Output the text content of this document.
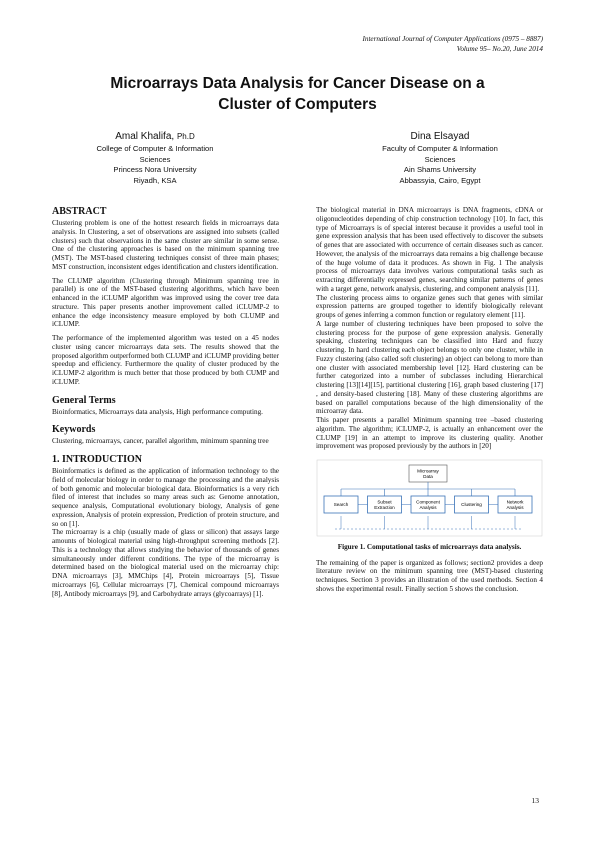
International Journal of Computer Applications (0975 – 8887)
Volume 95– No.20, June 2014
Microarrays Data Analysis for Cancer Disease on a
Cluster of Computers
Amal Khalifa, Ph.D
College of Computer & Information
Sciences
Princess Nora University
Riyadh, KSA
Dina Elsayad
Faculty of Computer & Information
Sciences
Ain Shams University
Abbassyia, Cairo, Egypt
ABSTRACT

Clustering problem is one of the hottest research fields in microarrays data analysis. In Clustering, a set of observations are assigned into subsets (called clusters) such that observations in the same cluster are similar in some sense. One of the clustering approaches is based on the minimum spanning tree (MST). The MST-based clustering techniques consist of three main phases; MST construction, inconsistent edges identification and clusters identification.

The CLUMP algorithm (Clustering through Minimum spanning tree in parallel) is one of the MST-based clustering algorithms, which have been enhanced in the iCLUMP algorithm was improved using the cover tree data structure. This paper presents another improvement called iCLUMP-2 to enhance the edge inconsistency measure employed by both CLUMP and iCLUMP.

The performance of the implemented algorithm was tested on a 45 nodes cluster using cancer microarrays data sets. The results showed that the proposed algorithm outperformed both CLUMP and iCLUMP providing better speedup and efficiency. Furthermore the quality of cluster produced by the iCLUMP-2 algorithm is much better that those produced by both CUMP and iCLUMP.

General Terms

Bioinformatics, Microarrays data analysis, High performance computing.

Keywords

Clustering, microarrays, cancer, parallel algorithm, minimum spanning tree

1. INTRODUCTION

Bioinformatics is defined as the application of information technology to the field of molecular biology in order to manage the processing and the analysis of both genomic and molecular biological data. Bioinformatics is a very rich filed of interest that includes so many areas such as: Genome annotation, sequence analysis, Computational evolutionary biology, Analysis of gene expression, Analysis of protein expression, Prediction of protein structure, and so on [1].

The microarray is a chip (usually made of glass or silicon) that assays large amounts of biological material using high-throughput screening methods [2]. This is a technology that allows studying the behavior of thousands of genes simultaneously under different conditions. The type of the microarray is determined based on the biological material used on the microarray chip: DNA microarrays [3], MMChips [4], Protein microarrays [5], Tissue microarrays [6], Cellular microarrays [7], Chemical compound microarrays [8], Antibody microarrays [9], and Carbohydrate arrays (glycoarrays) [1].

The biological material in DNA microarrays is DNA fragments, cDNA or oligonucleotides depending of chip construction technology [10]. In fact, this type of Microarrays is of special interest because it provides a useful tool in gene expression analysis that has been used effectively to discover the subsets of genes that are associated with occurrence of certain diseases such as cancer. However, the analysis of the microarrays data remains a big challenge because of the huge volume of data it produces. As shown in Fig. 1 The analysis process of microarrays data involves various computational tasks such as extracting differentially expressed genes, searching similar patterns of genes with a target gene, network analysis, clustering, and component analysis [11].

The clustering process aims to organize genes such that genes with similar expression patterns are grouped together to identify biologically relevant groups of genes inferring a common function or regulatory element [11].

A large number of clustering techniques have been proposed to solve the clustering process for the purpose of gene expression analysis. Generally speaking, clustering techniques can be classified into Hard and fuzzy clustering. In hard clustering each object belongs to only one cluster, while in Fuzzy clustering (also called soft clustering) an object can belong to more than one cluster with associated membership level [12]. Hard clustering can be further categorized into a number of subclasses including Hierarchical clustering [13][14][15], partitional clustering [16], graph based clustering [17] , and density-based clustering [18]. Many of these clustering algorithms are based on parallel computations because of the high dimensionality of the microarray data.

This paper presents a parallel Minimum spanning tree –based clustering algorithm. The algorithm; iCLUMP-2, is actually an enhancement over the CLUMP [19] in an attempt to improve its clustering quality. Another improvement was proposed previously by the authors in [20]

Microarray
Data
Search
Subset
Extraction
Component
Analysis
Clustering
Network
Analysis
Figure 1. Computational tasks of microarrays data analysis.

The remaining of the paper is organized as follows; section2 provides a deep literature review on the minimum spanning tree (MST)-based clustering techniques. Section 3 provides an illustration of the used methods. Section 4 shows the experimental result. Finally section 5 shows the conclusion.

13
